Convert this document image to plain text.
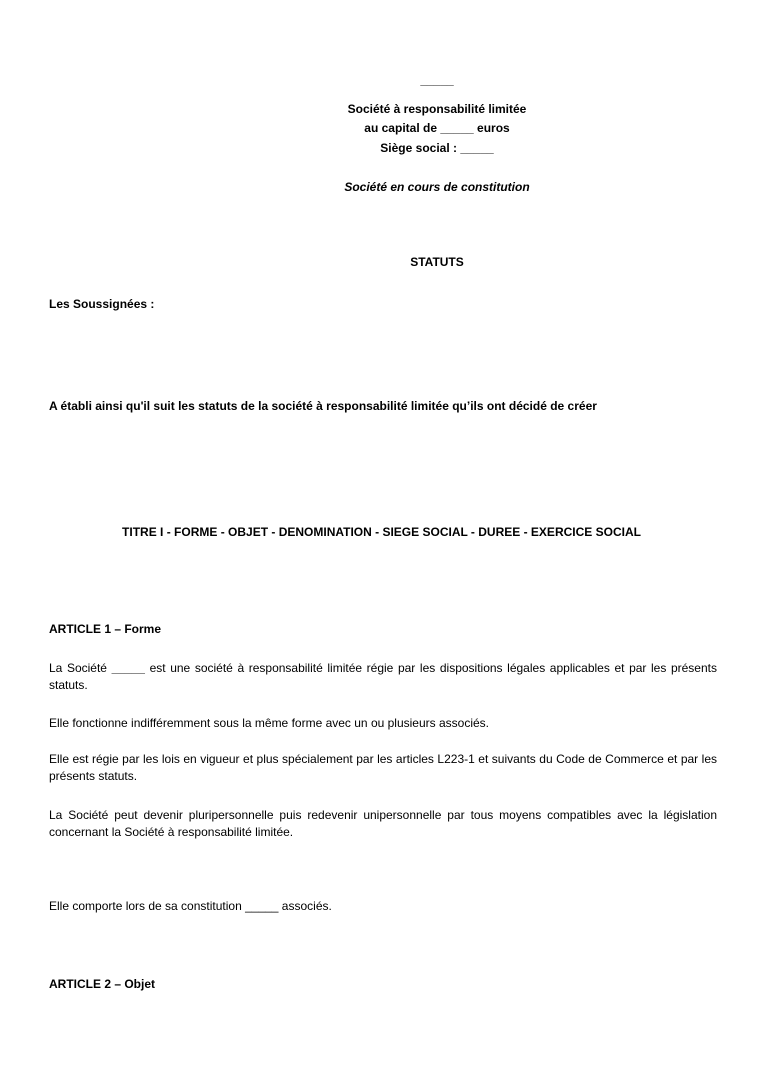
_____
Société à responsabilité limitée
au capital de _____ euros
Siège social : _____
Société en cours de constitution
STATUTS
Les Soussignées :
A établi ainsi qu'il suit les statuts de la société à responsabilité limitée qu’ils ont décidé de créer
TITRE I - FORME - OBJET - DENOMINATION - SIEGE SOCIAL - DUREE - EXERCICE SOCIAL
ARTICLE 1 – Forme
La Société _____ est une société à responsabilité limitée régie par les dispositions légales applicables et par les présents statuts.
Elle fonctionne indifféremment sous la même forme avec un ou plusieurs associés.
Elle est régie par les lois en vigueur et plus spécialement par les articles L223-1 et suivants du Code de Commerce et par les présents statuts.
La Société peut devenir pluripersonnelle puis redevenir unipersonnelle par tous moyens compatibles avec la législation concernant la Société à responsabilité limitée.
Elle comporte lors de sa constitution _____ associés.
ARTICLE 2 – Objet
